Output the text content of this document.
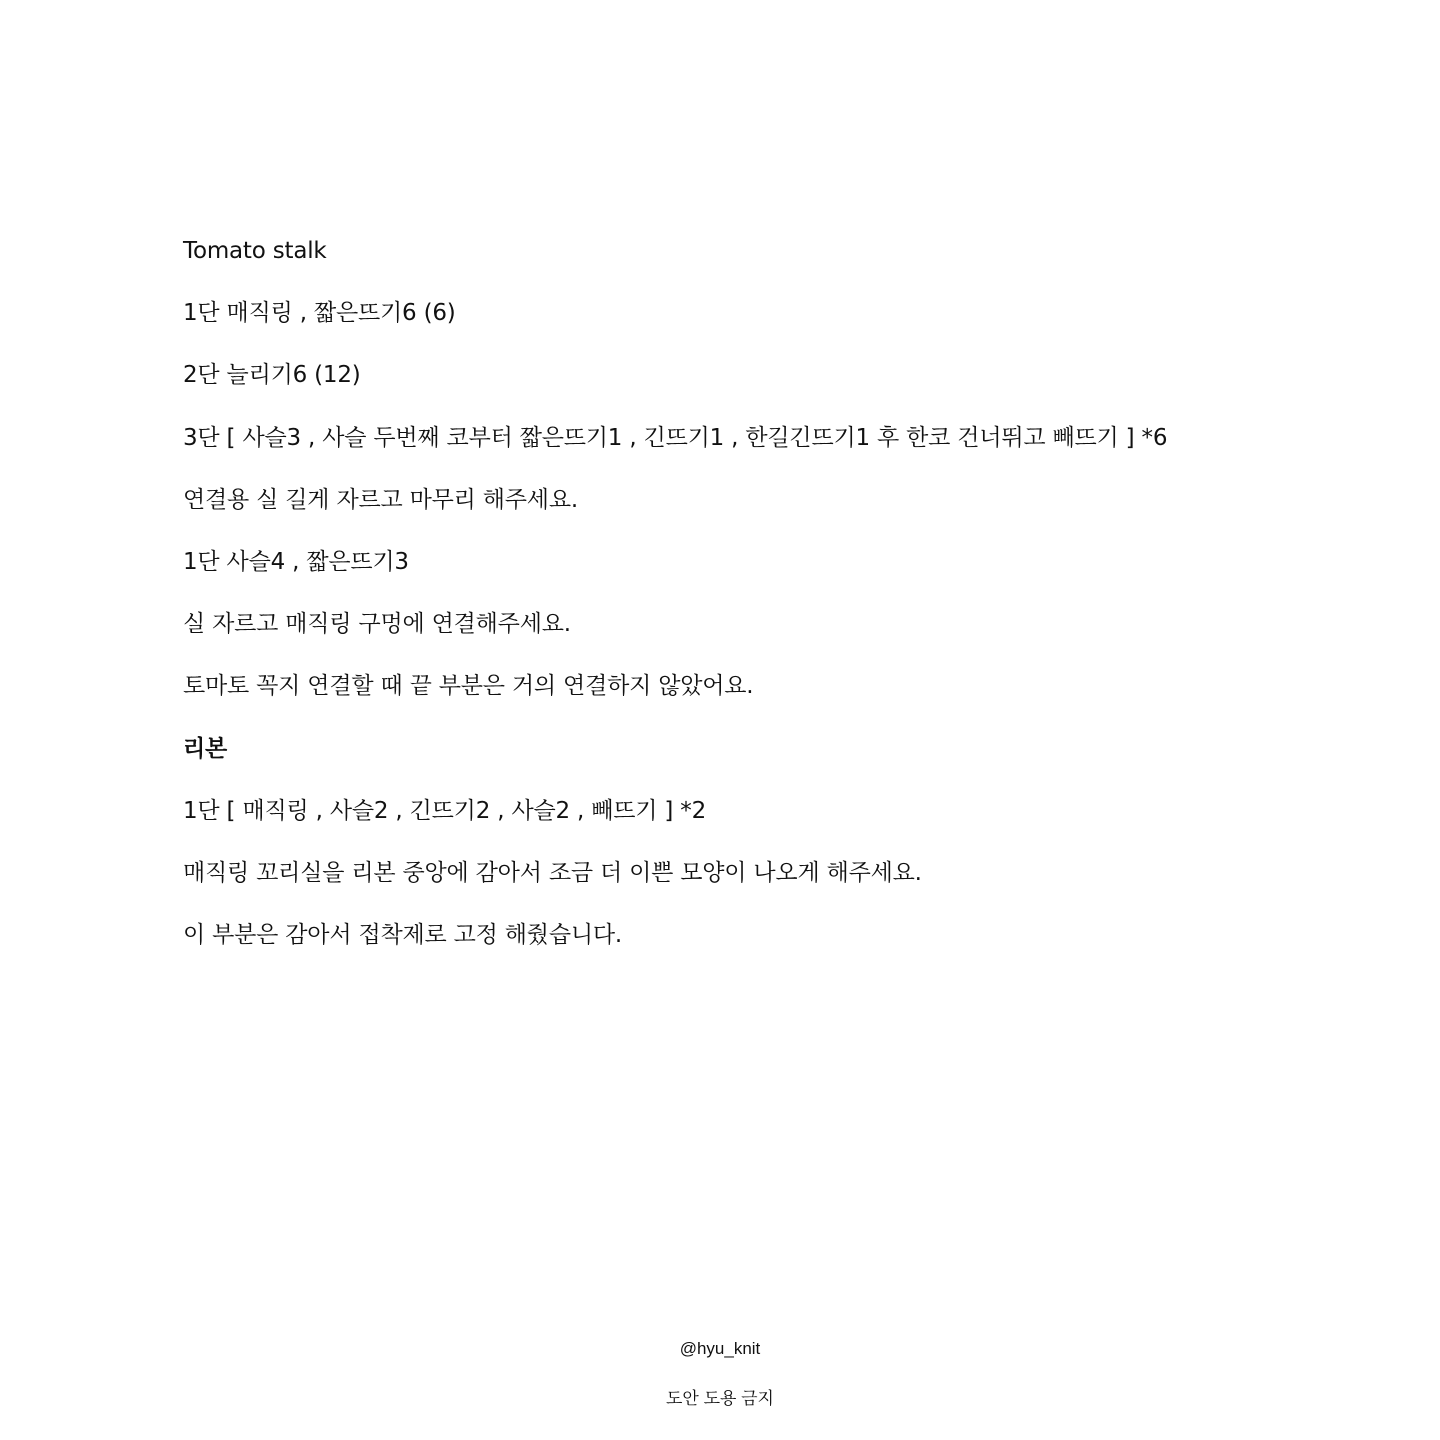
Tomato stalk
1단 매직링 , 짧은뜨기6 (6)
2단 늘리기6 (12)
3단 [ 사슬3 , 사슬 두번째 코부터 짧은뜨기1 , 긴뜨기1 , 한길긴뜨기1 후 한코 건너뛰고 빼뜨기 ] *6
연결용 실 길게 자르고 마무리 해주세요.
1단 사슬4 , 짧은뜨기3
실 자르고 매직링 구멍에 연결해주세요.
토마토 꼭지 연결할 때 끝 부분은 거의 연결하지 않았어요.
리본
1단 [ 매직링 , 사슬2 , 긴뜨기2 , 사슬2 , 빼뜨기 ] *2
매직링 꼬리실을 리본 중앙에 감아서 조금 더 이쁜 모양이 나오게 해주세요.
이 부분은 감아서 접착제로 고정 해줬습니다.
@hyu_knit
도안 도용 금지
